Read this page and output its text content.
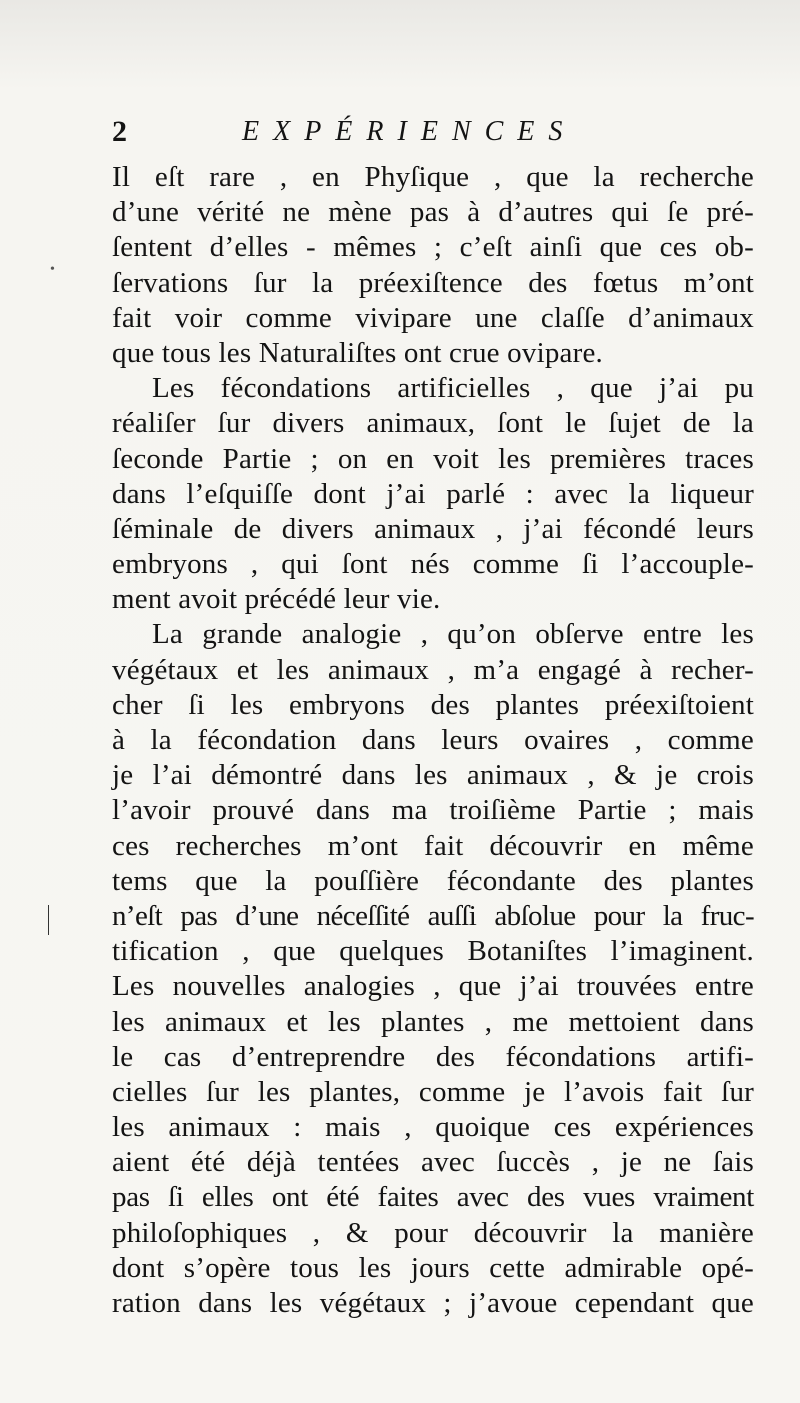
2	EXPÉRIENCES
•
Il eſt rare , en Phyſique , que la recherche
d’une vérité ne mène pas à d’autres qui ſe pré-
ſentent d’elles - mêmes ; c’eſt ainſi que ces ob-
ſervations ſur la préexiſtence des fœtus m’ont
fait voir comme vivipare une claſſe d’animaux
que tous les Naturaliſtes ont crue ovipare.
Les fécondations artificielles , que j’ai pu
réaliſer ſur divers animaux, ſont le ſujet de la
ſeconde Partie ; on en voit les premières traces
dans l’eſquiſſe dont j’ai parlé : avec la liqueur
ſéminale de divers animaux , j’ai fécondé leurs
embryons , qui ſont nés comme ſi l’accouple-
ment avoit précédé leur vie.
La grande analogie , qu’on obſerve entre les
végétaux et les animaux , m’a engagé à recher-
cher ſi les embryons des plantes préexiſtoient
à la fécondation dans leurs ovaires , comme
je l’ai démontré dans les animaux , & je crois
l’avoir prouvé dans ma troiſième Partie ; mais
ces recherches m’ont fait découvrir en même
tems que la pouſſière fécondante des plantes
n’eſt pas d’une néceſſité auſſi abſolue pour la fruc-
tification , que quelques Botaniſtes l’imaginent.
Les nouvelles analogies , que j’ai trouvées entre
les animaux et les plantes , me mettoient dans
le cas d’entreprendre des fécondations artifi-
cielles ſur les plantes, comme je l’avois fait ſur
les animaux : mais , quoique ces expériences
aient été déjà tentées avec ſuccès , je ne ſais
pas ſi elles ont été faites avec des vues vraiment
philoſophiques , & pour découvrir la manière
dont s’opère tous les jours cette admirable opé-
ration dans les végétaux ; j’avoue cependant que
